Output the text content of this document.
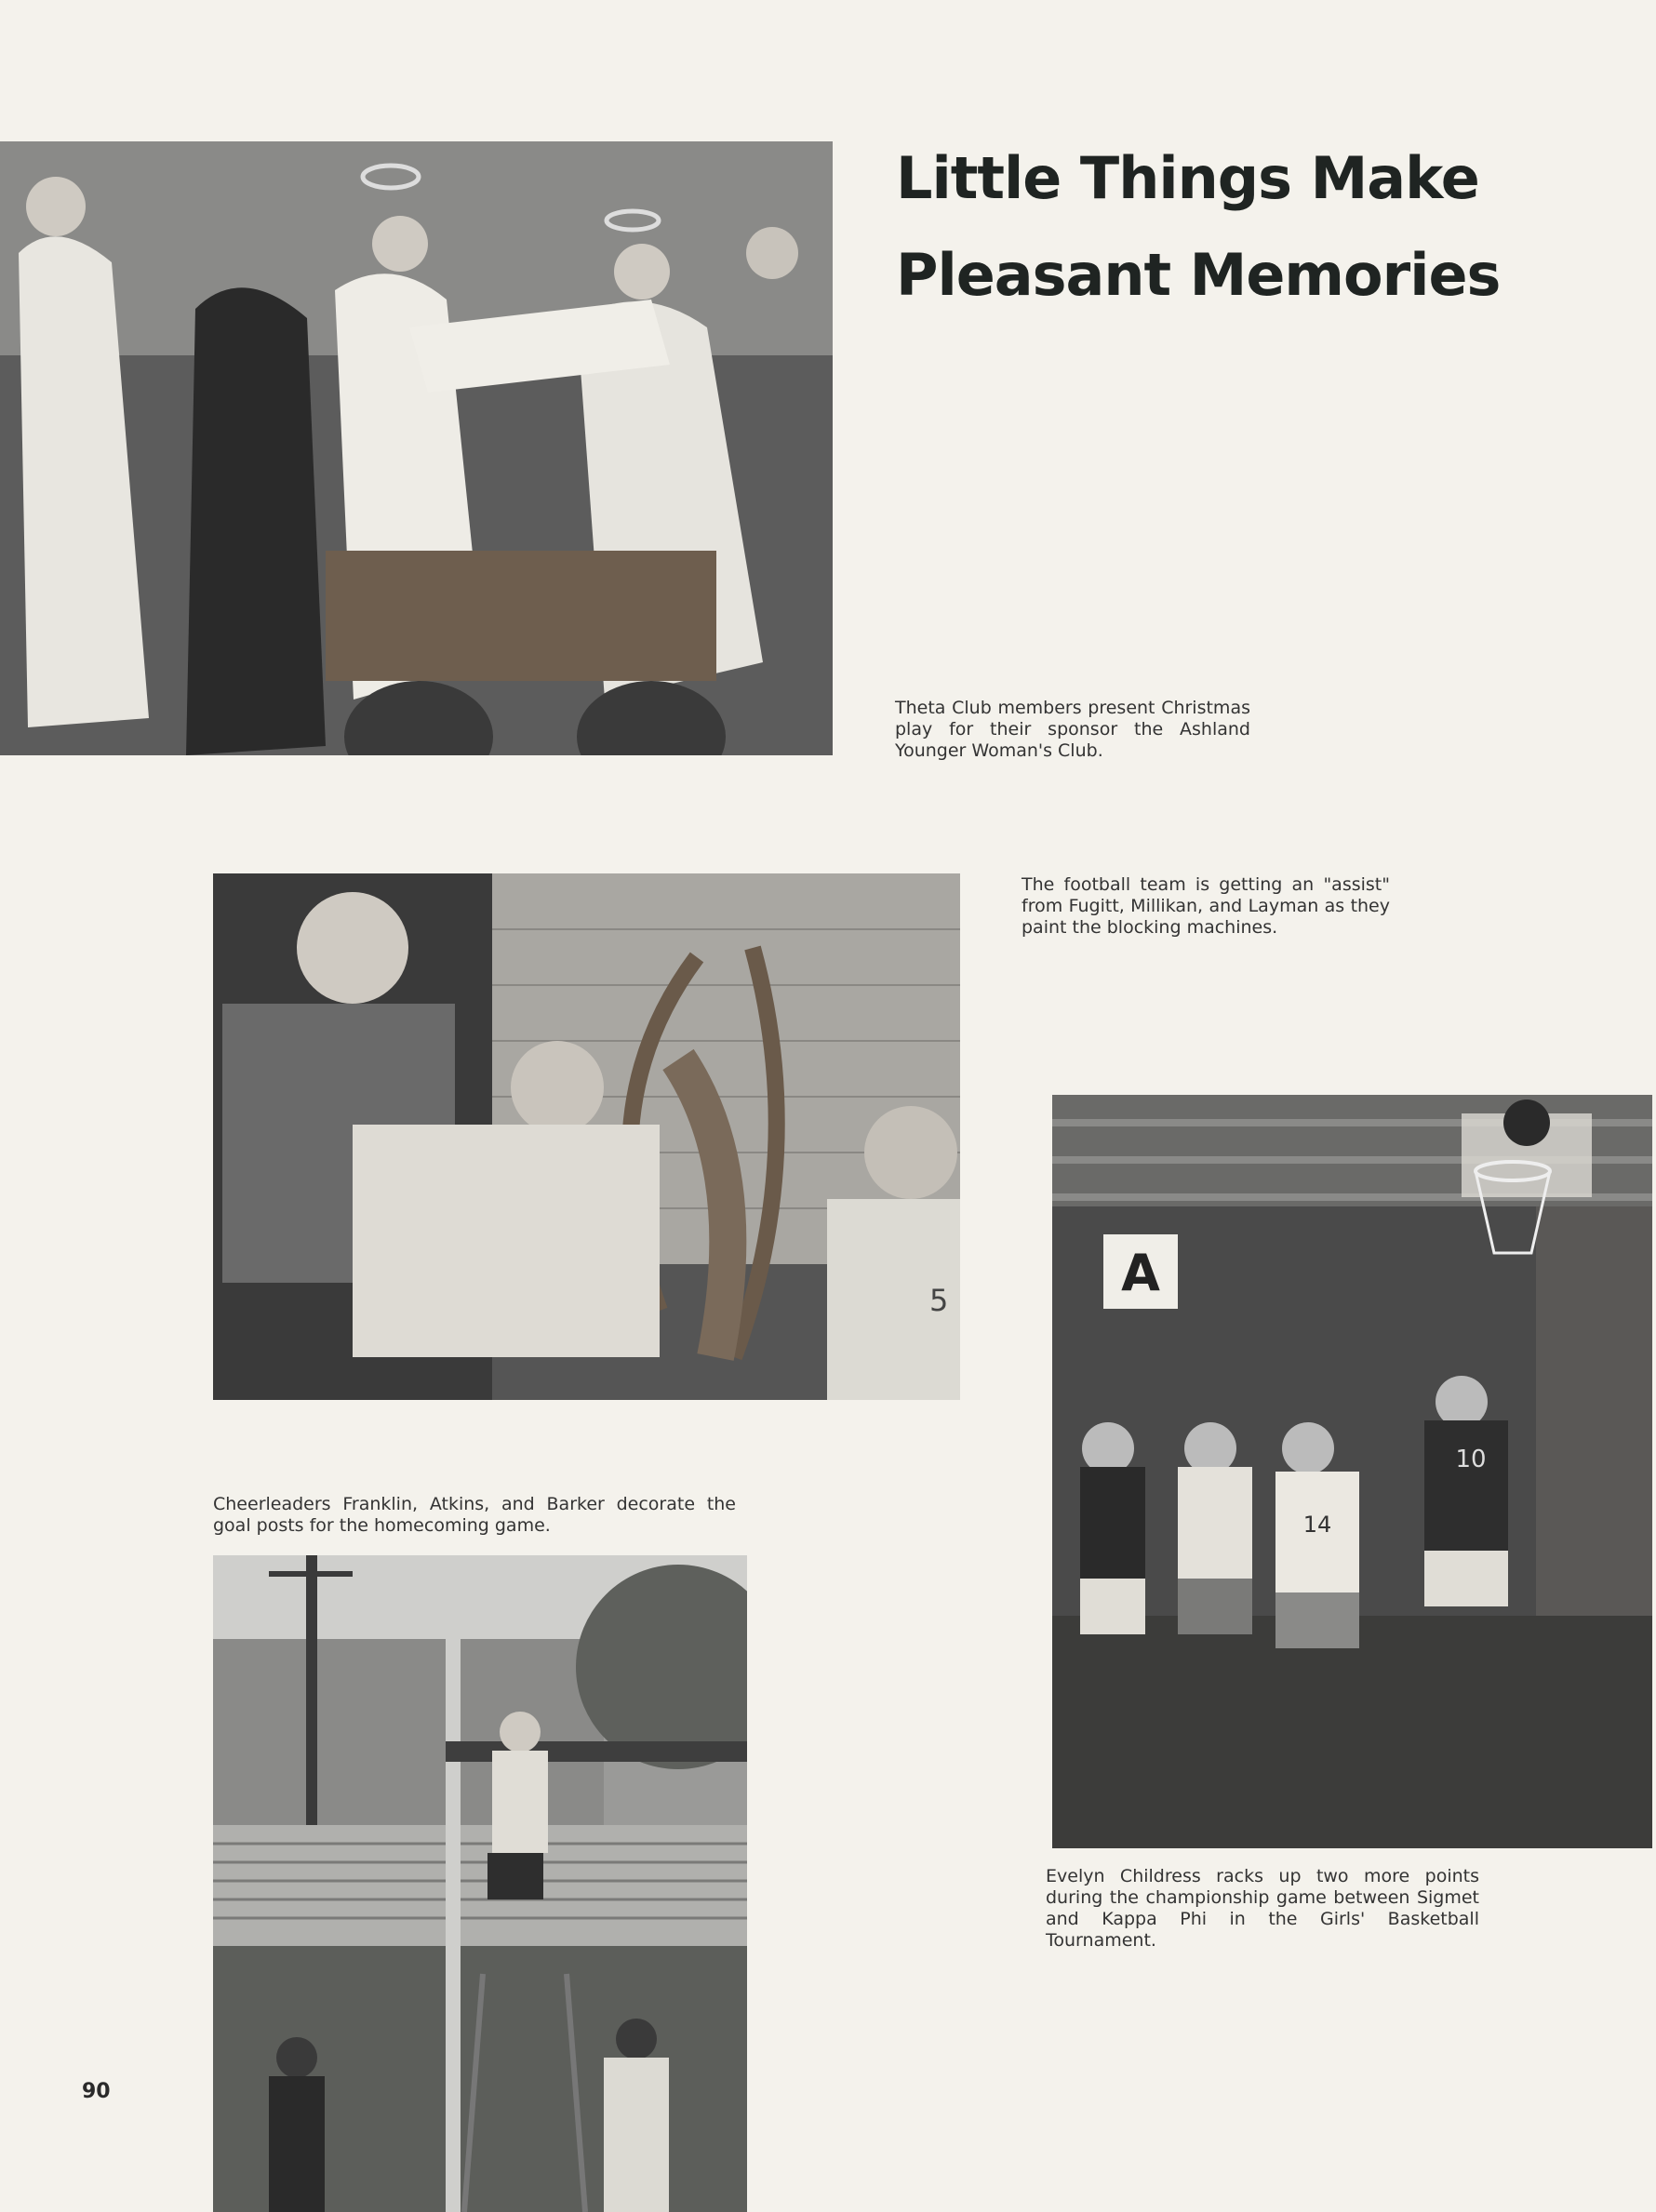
Little Things Make
Pleasant Memories
Theta Club members present Christmas play for their sponsor the Ashland Younger Woman's Club.
The football team is getting an "assist" from Fugitt, Millikan, and Layman as they paint the blocking machines.
5
Cheerleaders Franklin, Atkins, and Barker decorate the goal posts for the homecoming game.
A
14
10
Evelyn Childress racks up two more points during the championship game between Sigmet and Kappa Phi in the Girls' Basketball Tournament.
90
